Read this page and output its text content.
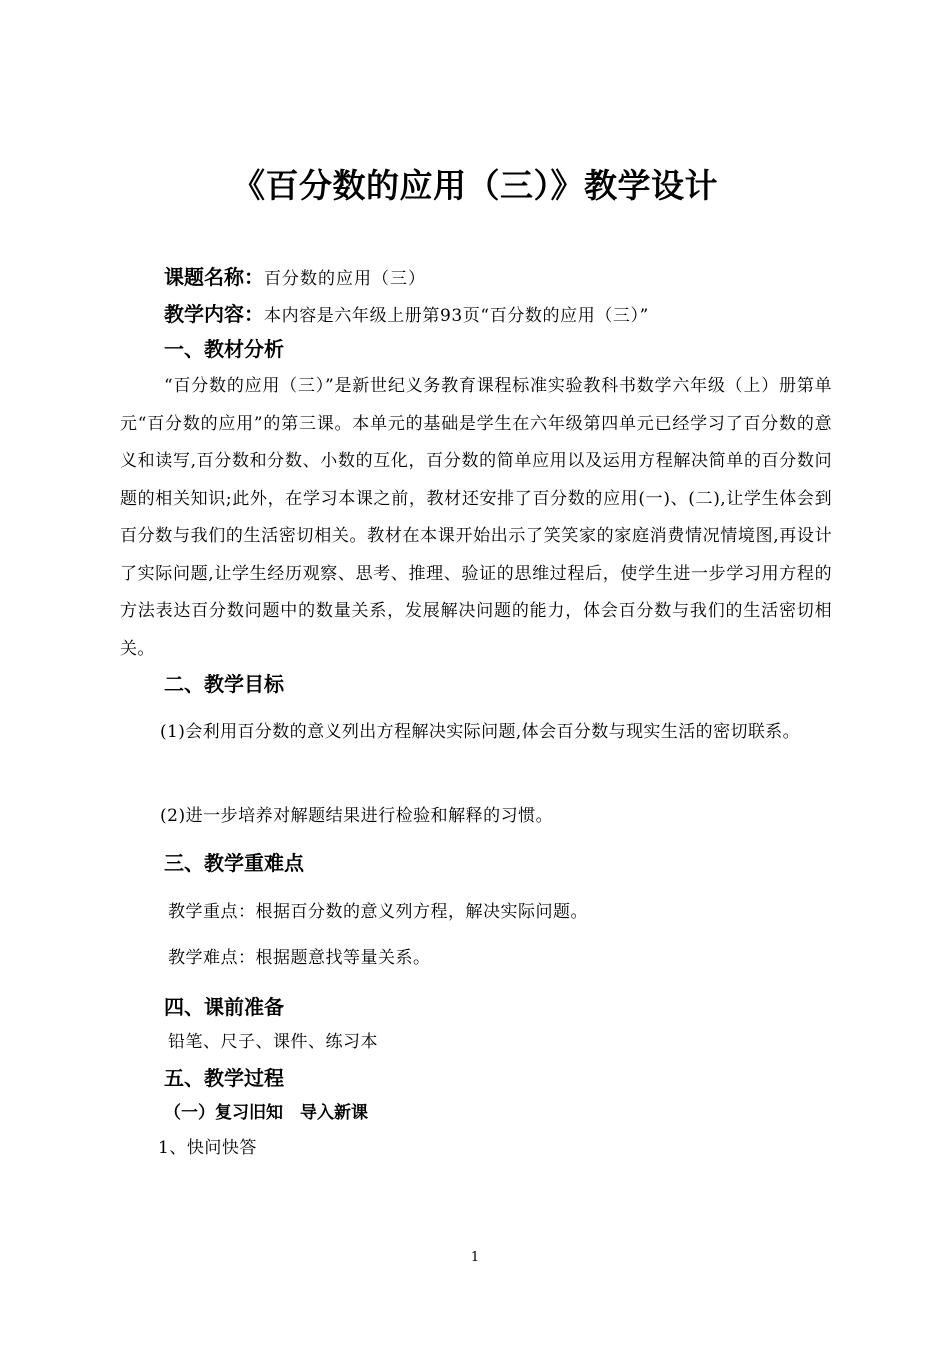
《百分数的应用（三）》教学设计
课题名称：百分数的应用（三）
教学内容：本内容是六年级上册第93页“百分数的应用（三）”
一、教材分析
“百分数的应用（三）”是新世纪义务教育课程标准实验教科书数学六年级（上）册第单元“百分数的应用”的第三课。本单元的基础是学生在六年级第四单元已经学习了百分数的意义和读写,百分数和分数、小数的互化，百分数的简单应用以及运用方程解决简单的百分数问题的相关知识;此外，在学习本课之前，教材还安排了百分数的应用(一)、(二),让学生体会到百分数与我们的生活密切相关。教材在本课开始出示了笑笑家的家庭消费情况情境图,再设计了实际问题,让学生经历观察、思考、推理、验证的思维过程后，使学生进一步学习用方程的方法表达百分数问题中的数量关系，发展解决问题的能力，体会百分数与我们的生活密切相关。
二、教学目标
(1)会利用百分数的意义列出方程解决实际问题,体会百分数与现实生活的密切联系。
(2)进一步培养对解题结果进行检验和解释的习惯。
三、教学重难点
教学重点：根据百分数的意义列方程，解决实际问题。
教学难点：根据题意找等量关系。
四、课前准备
铅笔、尺子、课件、练习本
五、教学过程
（一）复习旧知　导入新课
1、快问快答
1
